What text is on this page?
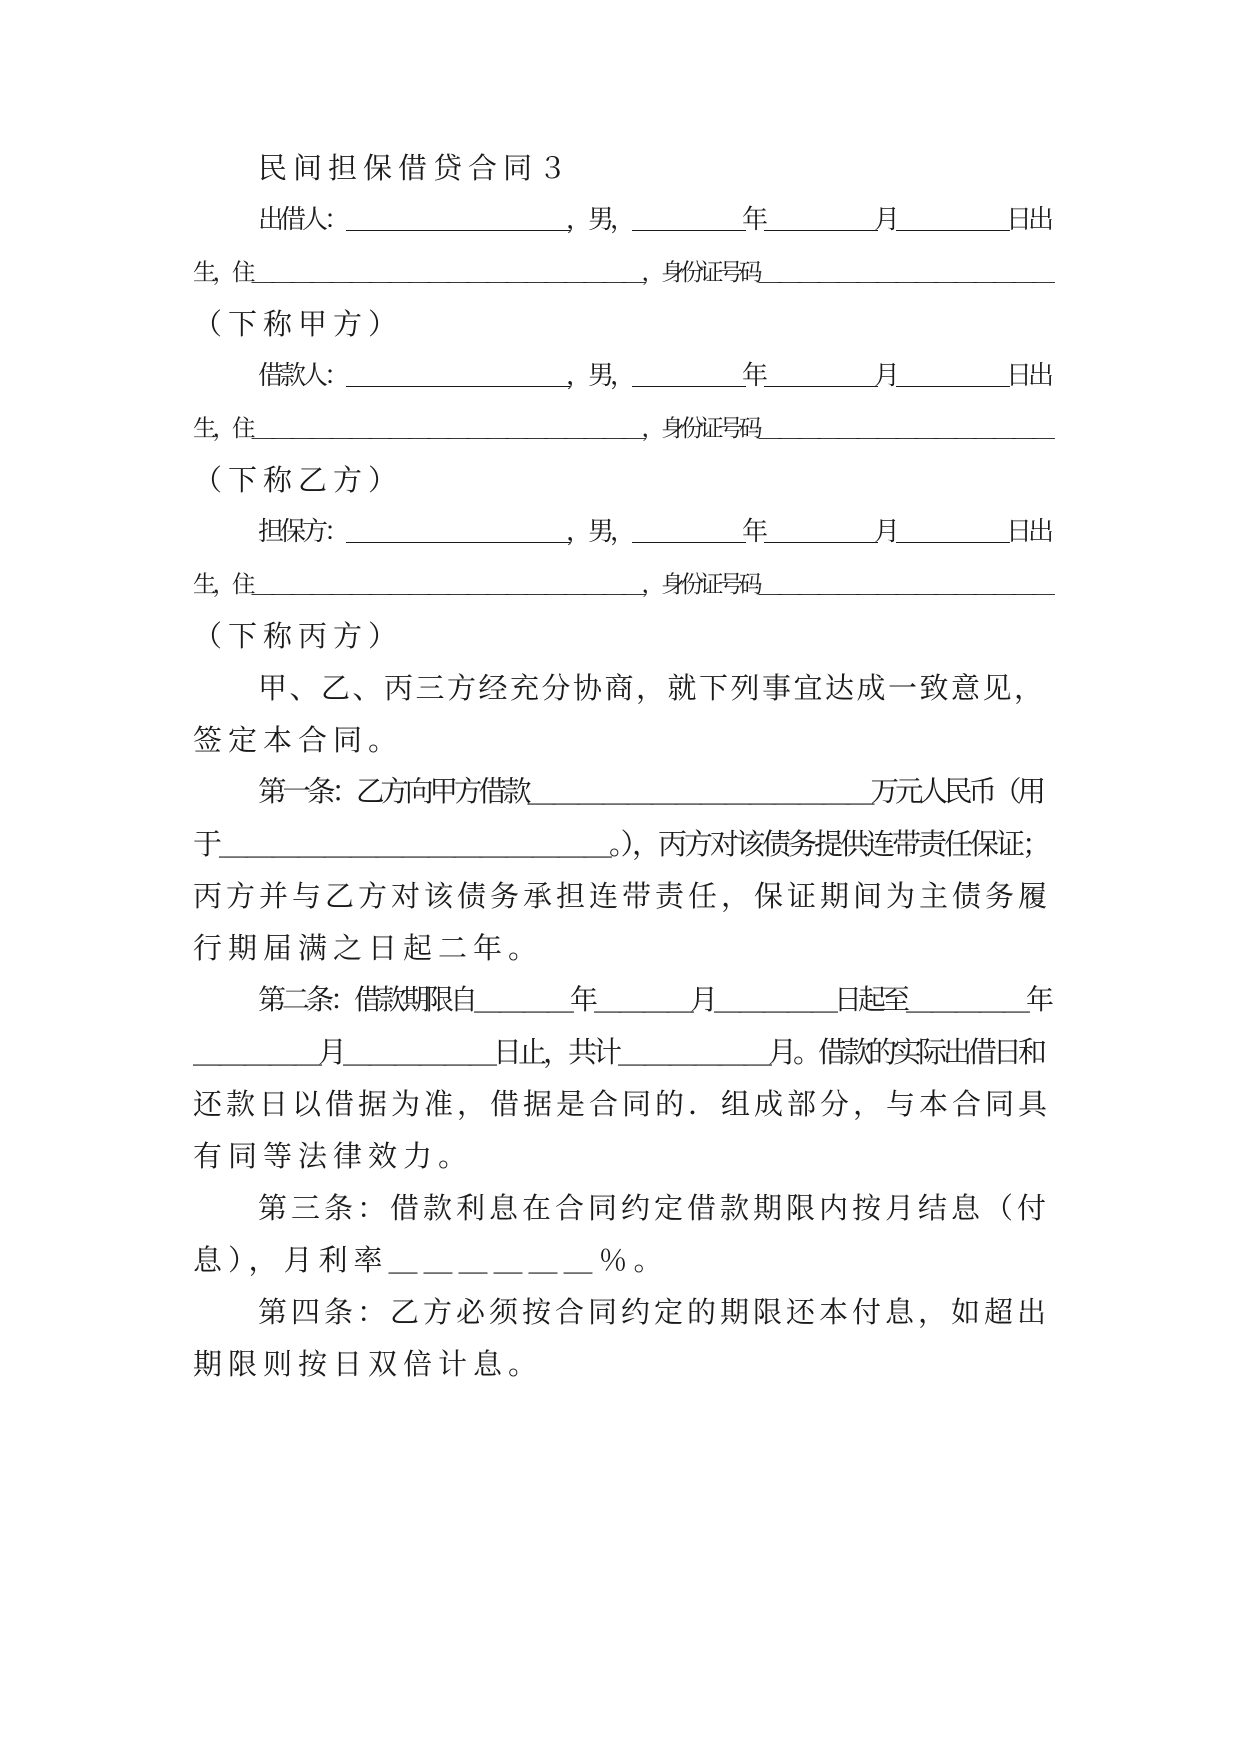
民间担保借贷合同３
出借人：＿＿＿＿＿＿＿＿＿＿，男，＿＿＿＿＿年＿＿＿＿＿月＿＿＿＿＿日出
生，住＿＿＿＿＿＿＿＿＿＿＿＿＿＿＿＿＿＿＿＿，身份证号码＿＿＿＿＿＿＿＿＿＿＿＿＿＿＿
（下称甲方）
借款人：＿＿＿＿＿＿＿＿＿＿，男，＿＿＿＿＿年＿＿＿＿＿月＿＿＿＿＿日出
生，住＿＿＿＿＿＿＿＿＿＿＿＿＿＿＿＿＿＿＿＿，身份证号码＿＿＿＿＿＿＿＿＿＿＿＿＿＿＿
（下称乙方）
担保方：＿＿＿＿＿＿＿＿＿＿，男，＿＿＿＿＿年＿＿＿＿＿月＿＿＿＿＿日出
生，住＿＿＿＿＿＿＿＿＿＿＿＿＿＿＿＿＿＿＿＿，身份证号码＿＿＿＿＿＿＿＿＿＿＿＿＿＿＿
（下称丙方）
甲、乙、丙三方经充分协商，就下列事宜达成一致意见，
签定本合同。
第一条：乙方向甲方借款＿＿＿＿＿＿＿＿＿＿＿＿＿＿万元人民币（用
于＿＿＿＿＿＿＿＿＿＿＿＿＿＿＿。），丙方对该债务提供连带责任保证；
丙方并与乙方对该债务承担连带责任，保证期间为主债务履
行期届满之日起二年。
第二条：借款期限自＿＿＿＿年＿＿＿＿月＿＿＿＿＿日起至＿＿＿＿＿年
＿＿＿＿＿月＿＿＿＿＿＿日止，共计＿＿＿＿＿＿月。借款的实际出借日和
还款日以借据为准，借据是合同的．组成部分，与本合同具
有同等法律效力。
第三条：借款利息在合同约定借款期限内按月结息（付
息），月利率＿＿＿＿＿＿％。
第四条：乙方必须按合同约定的期限还本付息，如超出
期限则按日双倍计息。
